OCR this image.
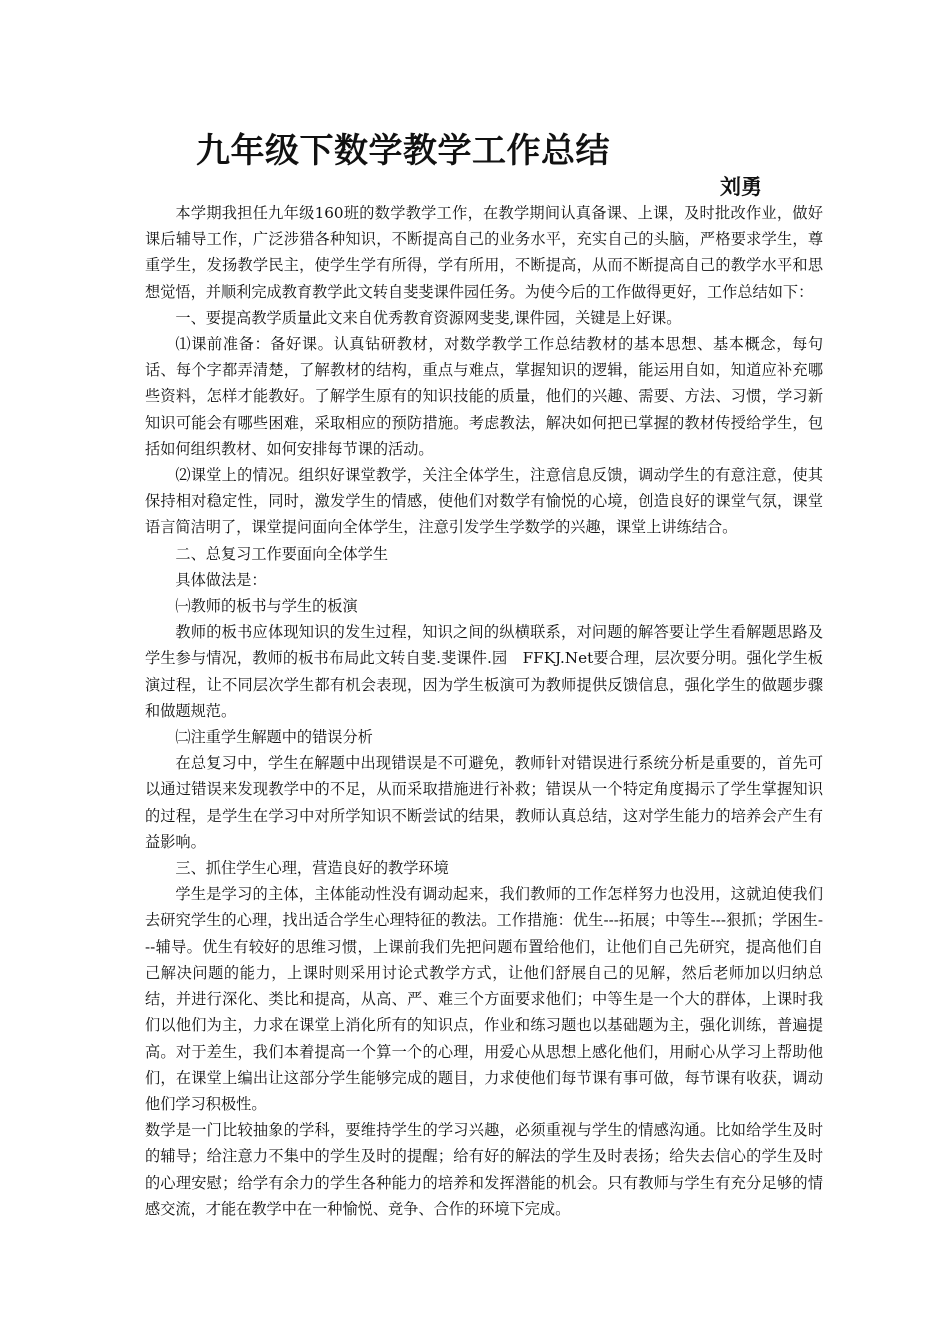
九年级下数学教学工作总结
刘勇

本学期我担任九年级160班的数学教学工作，在教学期间认真备课、上课，及时批改作业，做好课后辅导工作，广泛涉猎各种知识，不断提高自己的业务水平，充实自己的头脑，严格要求学生，尊重学生，发扬教学民主，使学生学有所得，学有所用，不断提高，从而不断提高自己的教学水平和思想觉悟，并顺利完成教育教学此文转自斐斐课件园任务。为使今后的工作做得更好，工作总结如下：

一、要提高教学质量此文来自优秀教育资源网斐斐,课件园，关键是上好课。

⑴课前准备：备好课。认真钻研教材，对数学教学工作总结教材的基本思想、基本概念，每句话、每个字都弄清楚，了解教材的结构，重点与难点，掌握知识的逻辑，能运用自如，知道应补充哪些资料，怎样才能教好。了解学生原有的知识技能的质量，他们的兴趣、需要、方法、习惯，学习新知识可能会有哪些困难，采取相应的预防措施。考虑教法，解决如何把已掌握的教材传授给学生，包括如何组织教材、如何安排每节课的活动。

⑵课堂上的情况。组织好课堂教学，关注全体学生，注意信息反馈，调动学生的有意注意，使其保持相对稳定性，同时，激发学生的情感，使他们对数学有愉悦的心境，创造良好的课堂气氛，课堂语言简洁明了，课堂提问面向全体学生，注意引发学生学数学的兴趣，课堂上讲练结合。

二、总复习工作要面向全体学生

具体做法是：

㈠教师的板书与学生的板演

教师的板书应体现知识的发生过程，知识之间的纵横联系，对问题的解答要让学生看解题思路及学生参与情况，教师的板书布局此文转自斐.斐课件.园　FFKJ.Net要合理，层次要分明。强化学生板演过程，让不同层次学生都有机会表现，因为学生板演可为教师提供反馈信息，强化学生的做题步骤和做题规范。

㈡注重学生解题中的错误分析

在总复习中，学生在解题中出现错误是不可避免，教师针对错误进行系统分析是重要的，首先可以通过错误来发现教学中的不足，从而采取措施进行补救；错误从一个特定角度揭示了学生掌握知识的过程，是学生在学习中对所学知识不断尝试的结果，教师认真总结，这对学生能力的培养会产生有益影响。

三、抓住学生心理，营造良好的教学环境

学生是学习的主体，主体能动性没有调动起来，我们教师的工作怎样努力也没用，这就迫使我们去研究学生的心理，找出适合学生心理特征的教法。工作措施：优生---拓展；中等生---狠抓；学困生---辅导。优生有较好的思维习惯，上课前我们先把问题布置给他们，让他们自己先研究，提高他们自己解决问题的能力，上课时则采用讨论式教学方式，让他们舒展自己的见解，然后老师加以归纳总结，并进行深化、类比和提高，从高、严、难三个方面要求他们；中等生是一个大的群体，上课时我们以他们为主，力求在课堂上消化所有的知识点，作业和练习题也以基础题为主，强化训练，普遍提高。对于差生，我们本着提高一个算一个的心理，用爱心从思想上感化他们，用耐心从学习上帮助他们，在课堂上编出让这部分学生能够完成的题目，力求使他们每节课有事可做，每节课有收获，调动他们学习积极性。

数学是一门比较抽象的学科，要维持学生的学习兴趣，必须重视与学生的情感沟通。比如给学生及时的辅导；给注意力不集中的学生及时的提醒；给有好的解法的学生及时表扬；给失去信心的学生及时的心理安慰；给学有余力的学生各种能力的培养和发挥潜能的机会。只有教师与学生有充分足够的情感交流，才能在教学中在一种愉悦、竞争、合作的环境下完成。
